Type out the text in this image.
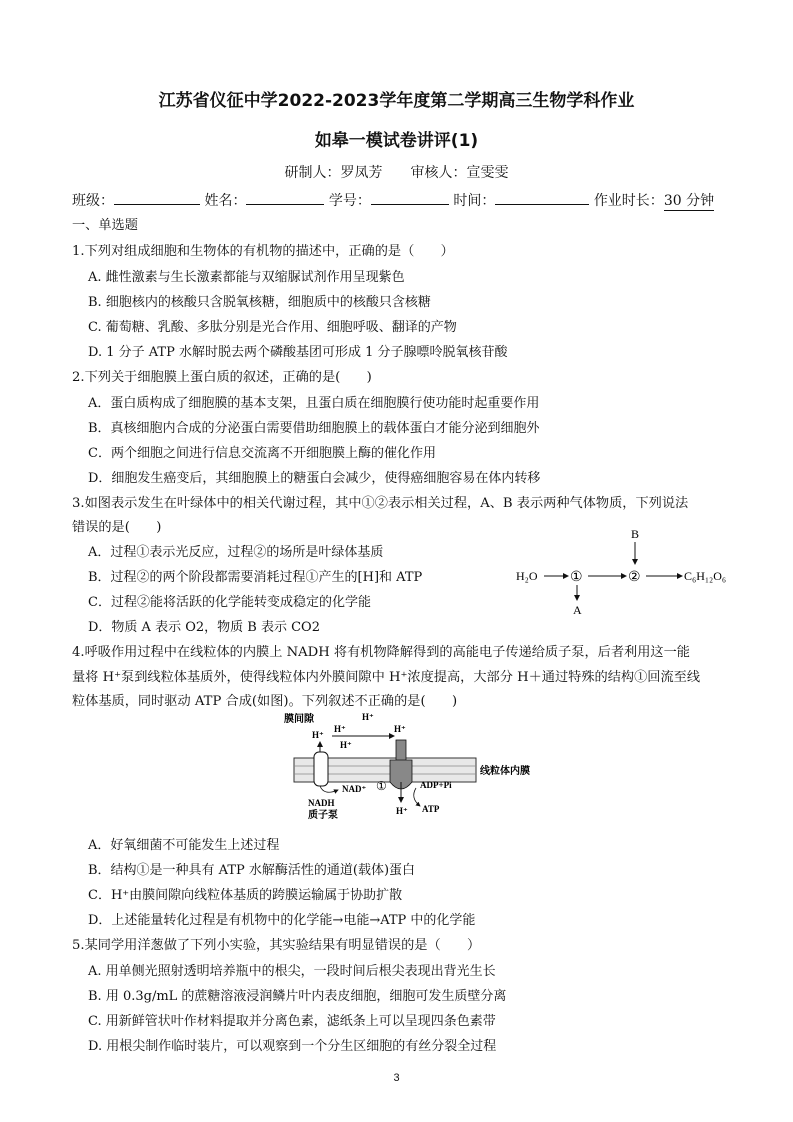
江苏省仪征中学2022-2023学年度第二学期高三生物学科作业
如皋一模试卷讲评(1)
研制人：罗凤芳　　审核人：宣雯雯
班级：	姓名：	学号：	时间：	作业时长：30 分钟
一、单选题
1.下列对组成细胞和生物体的有机物的描述中，正确的是（　　）
A. 雌性激素与生长激素都能与双缩脲试剂作用呈现紫色
B. 细胞核内的核酸只含脱氧核糖，细胞质中的核酸只含核糖
C. 葡萄糖、乳酸、多肽分别是光合作用、细胞呼吸、翻译的产物
D. 1 分子 ATP 水解时脱去两个磷酸基团可形成 1 分子腺嘌呤脱氧核苷酸
2.下列关于细胞膜上蛋白质的叙述，正确的是(　　)
A．蛋白质构成了细胞膜的基本支架，且蛋白质在细胞膜行使功能时起重要作用
B．真核细胞内合成的分泌蛋白需要借助细胞膜上的载体蛋白才能分泌到细胞外
C．两个细胞之间进行信息交流离不开细胞膜上酶的催化作用
D．细胞发生癌变后，其细胞膜上的糖蛋白会减少，使得癌细胞容易在体内转移
3.如图表示发生在叶绿体中的相关代谢过程，其中①②表示相关过程，A、B 表示两种气体物质，下列说法
错误的是(　　)
A．过程①表示光反应，过程②的场所是叶绿体基质
B．过程②的两个阶段都需要消耗过程①产生的[H]和 ATP
C．过程②能将活跃的化学能转变成稳定的化学能
D．物质 A 表示 O2，物质 B 表示 CO2
H₂O ①	②	C₆H₁₂O₆
B
A
4.呼吸作用过程中在线粒体的内膜上 NADH 将有机物降解得到的高能电子传递给质子泵，后者利用这一能
量将 H⁺泵到线粒体基质外，使得线粒体内外膜间隙中 H⁺浓度提高，大部分 H＋通过特殊的结构①回流至线
粒体基质，同时驱动 ATP 合成(如图)。下列叙述不正确的是(　　)
膜间隙
H⁺
H⁺
H⁺
H⁺
H⁺
线粒体内膜
NAD⁺
NADH
质子泵
①
H⁺
ADP+Pi
ATP
A．好氧细菌不可能发生上述过程
B．结构①是一种具有 ATP 水解酶活性的通道(载体)蛋白
C．H⁺由膜间隙向线粒体基质的跨膜运输属于协助扩散
D．上述能量转化过程是有机物中的化学能→电能→ATP 中的化学能
5.某同学用洋葱做了下列小实验，其实验结果有明显错误的是（　　）
A. 用单侧光照射透明培养瓶中的根尖，一段时间后根尖表现出背光生长
B. 用 0.3g/mL 的蔗糖溶液浸润鳞片叶内表皮细胞，细胞可发生质壁分离
C. 用新鲜管状叶作材料提取并分离色素，滤纸条上可以呈现四条色素带
D. 用根尖制作临时装片，可以观察到一个分生区细胞的有丝分裂全过程
3
